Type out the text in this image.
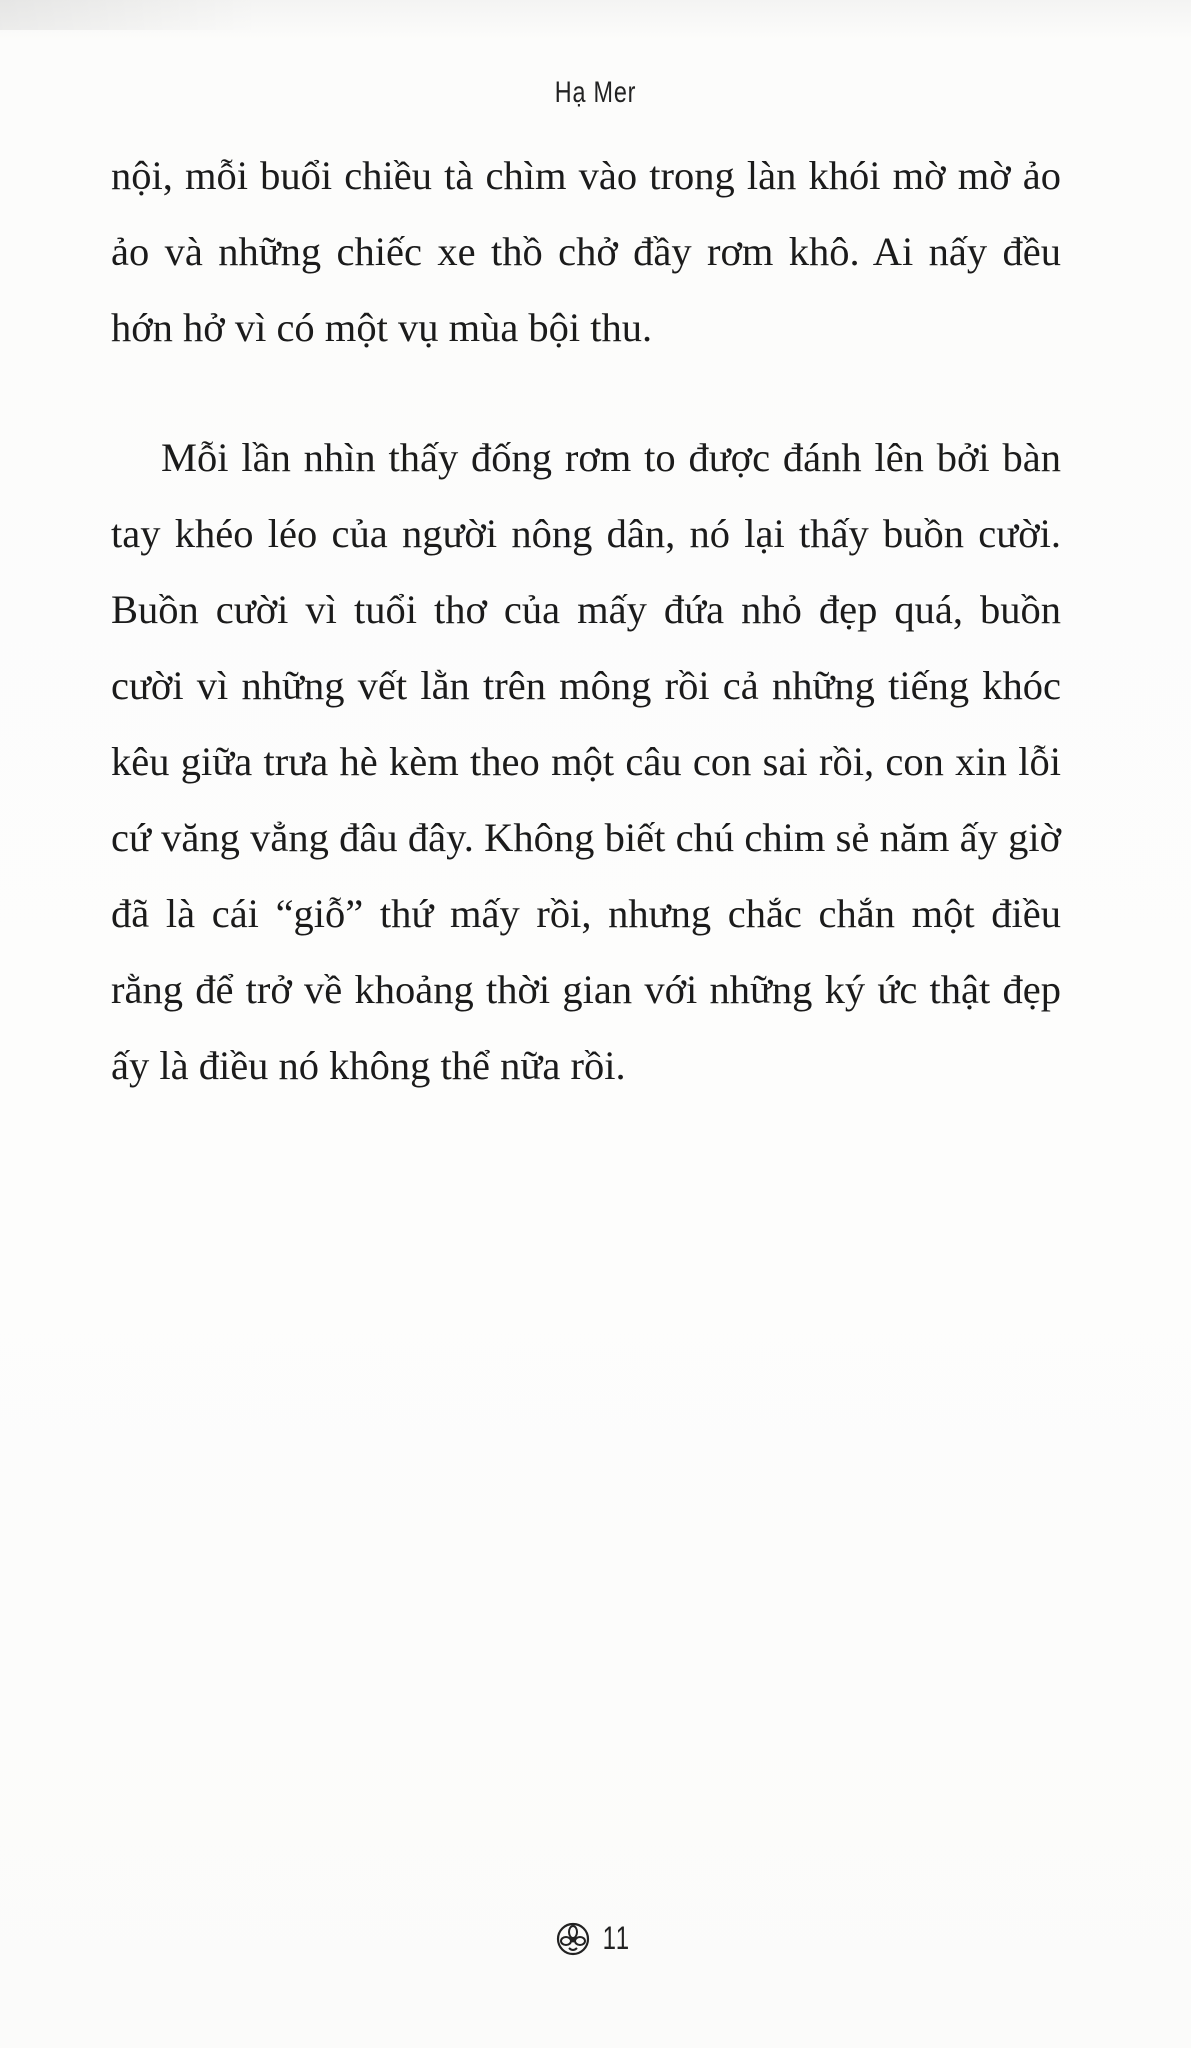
Hạ Mer

nội, mỗi buổi chiều tà chìm vào trong làn khói mờ mờ ảo ảo và những chiếc xe thồ chở đầy rơm khô. Ai nấy đều hớn hở vì có một vụ mùa bội thu.

Mỗi lần nhìn thấy đống rơm to được đánh lên bởi bàn tay khéo léo của người nông dân, nó lại thấy buồn cười. Buồn cười vì tuổi thơ của mấy đứa nhỏ đẹp quá, buồn cười vì những vết lằn trên mông rồi cả những tiếng khóc kêu giữa trưa hè kèm theo một câu con sai rồi, con xin lỗi cứ văng vẳng đâu đây. Không biết chú chim sẻ năm ấy giờ đã là cái “giỗ” thứ mấy rồi, nhưng chắc chắn một điều rằng để trở về khoảng thời gian với những ký ức thật đẹp ấy là điều nó không thể nữa rồi.

11
